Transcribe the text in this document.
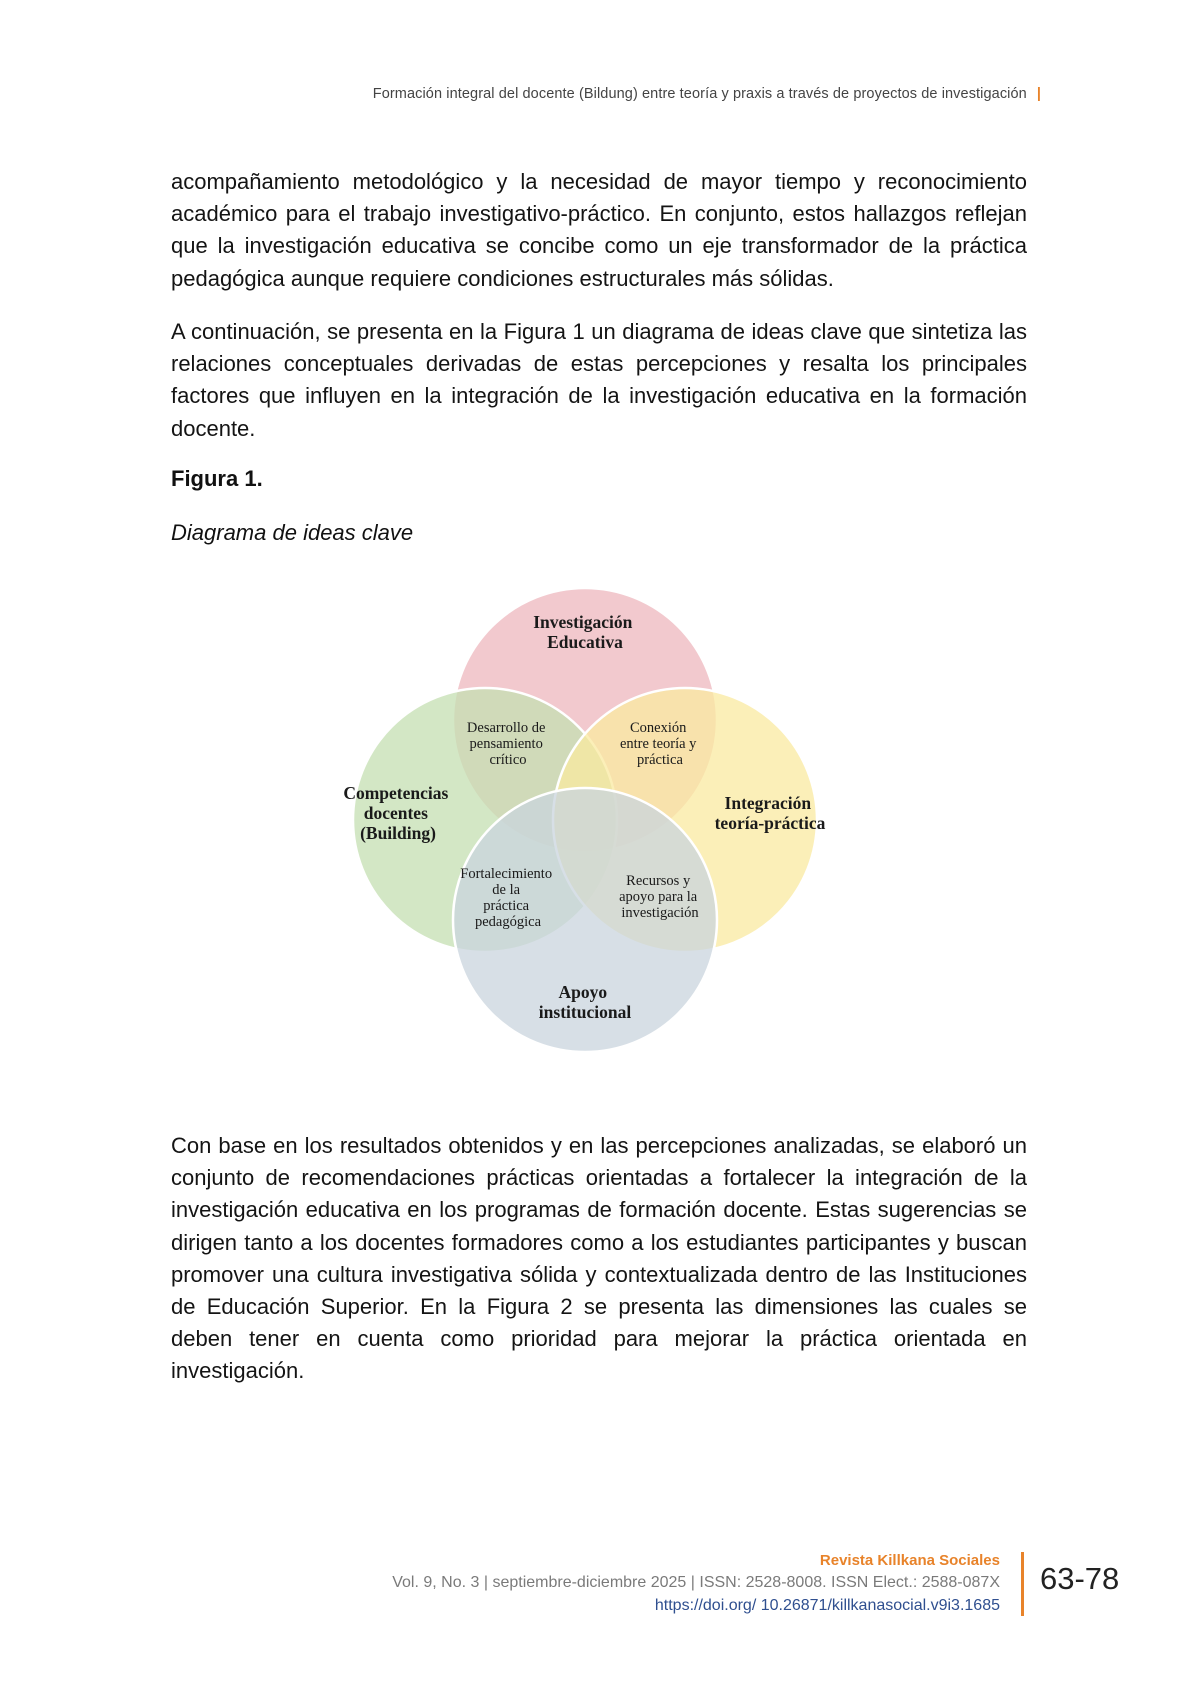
Formación integral del docente (Bildung) entre teoría y praxis a través de proyectos de investigación |

acompañamiento metodológico y la necesidad de mayor tiempo y reconocimiento académico para el trabajo investigativo-práctico. En conjunto, estos hallazgos reflejan que la investigación educativa se concibe como un eje transformador de la práctica pedagógica aunque requiere condiciones estructurales más sólidas.

A continuación, se presenta en la Figura 1 un diagrama de ideas clave que sintetiza las relaciones conceptuales derivadas de estas percepciones y resalta los principales factores que influyen en la integración de la investigación educativa en la formación docente.

Figura 1.

Diagrama de ideas clave

Investigación Educativa
Competencias docentes (Building)
Integración teoría-práctica
Apoyo institucional
Desarrollo de pensamiento crítico
Conexión entre teoría y práctica
Fortalecimiento de la práctica pedagógica
Recursos y apoyo para la investigación

Con base en los resultados obtenidos y en las percepciones analizadas, se elaboró un conjunto de recomendaciones prácticas orientadas a fortalecer la integración de la investigación educativa en los programas de formación docente. Estas sugerencias se dirigen tanto a los docentes formadores como a los estudiantes participantes y buscan promover una cultura investigativa sólida y contextualizada dentro de las Instituciones de Educación Superior. En la Figura 2 se presenta las dimensiones las cuales se deben tener en cuenta como prioridad para mejorar la práctica orientada en investigación.

Revista Killkana Sociales
Vol. 9, No. 3 | septiembre-diciembre 2025 | ISSN: 2528-8008. ISSN Elect.: 2588-087X
https://doi.org/ 10.26871/killkanasocial.v9i3.1685
63-78
